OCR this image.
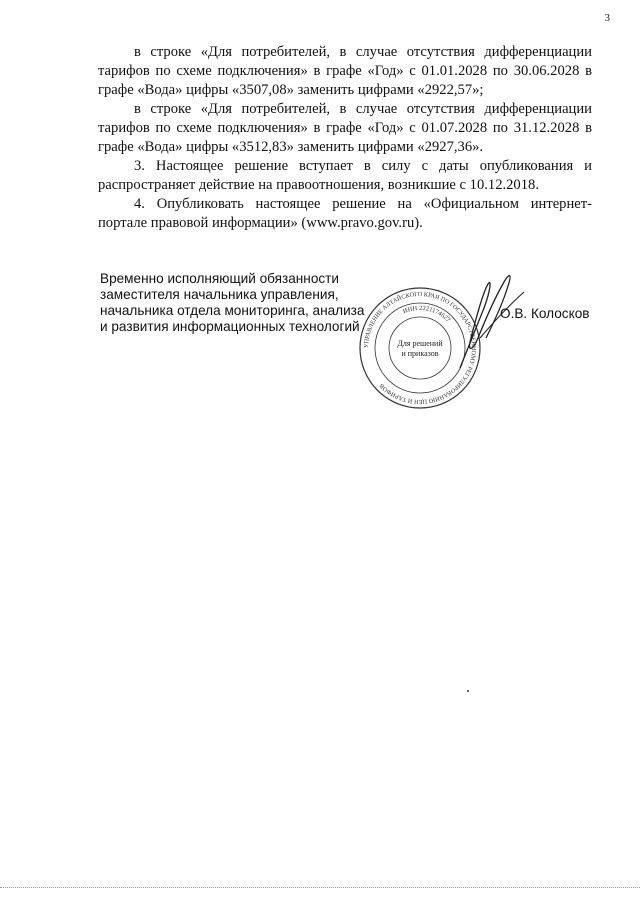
3

в строке «Для потребителей, в случае отсутствия дифференциации тарифов по схеме подключения» в графе «Год» с 01.01.2028 по 30.06.2028 в графе «Вода» цифры «3507,08» заменить цифрами «2922,57»;

в строке «Для потребителей, в случае отсутствия дифференциации тарифов по схеме подключения» в графе «Год» с 01.07.2028 по 31.12.2028 в графе «Вода» цифры «3512,83» заменить цифрами «2927,36».

3. Настоящее решение вступает в силу с даты опубликования и распространяет действие на правоотношения, возникшие с 10.12.2018.

4. Опубликовать настоящее решение на «Официальном интернет-портале правовой информации» (www.pravo.gov.ru).

Временно исполняющий обязанности
заместителя начальника управления,
начальника отдела мониторинга, анализа
и развития информационных технологий
УПРАВЛЕНИЕ АЛТАЙСКОГО КРАЯ ПО ГОСУДАРСТВЕННОМУ РЕГУЛИРОВАНИЮ ЦЕН И ТАРИФОВ
ИНН 2221174627
Для решений
и приказов
О.В. Колосков
